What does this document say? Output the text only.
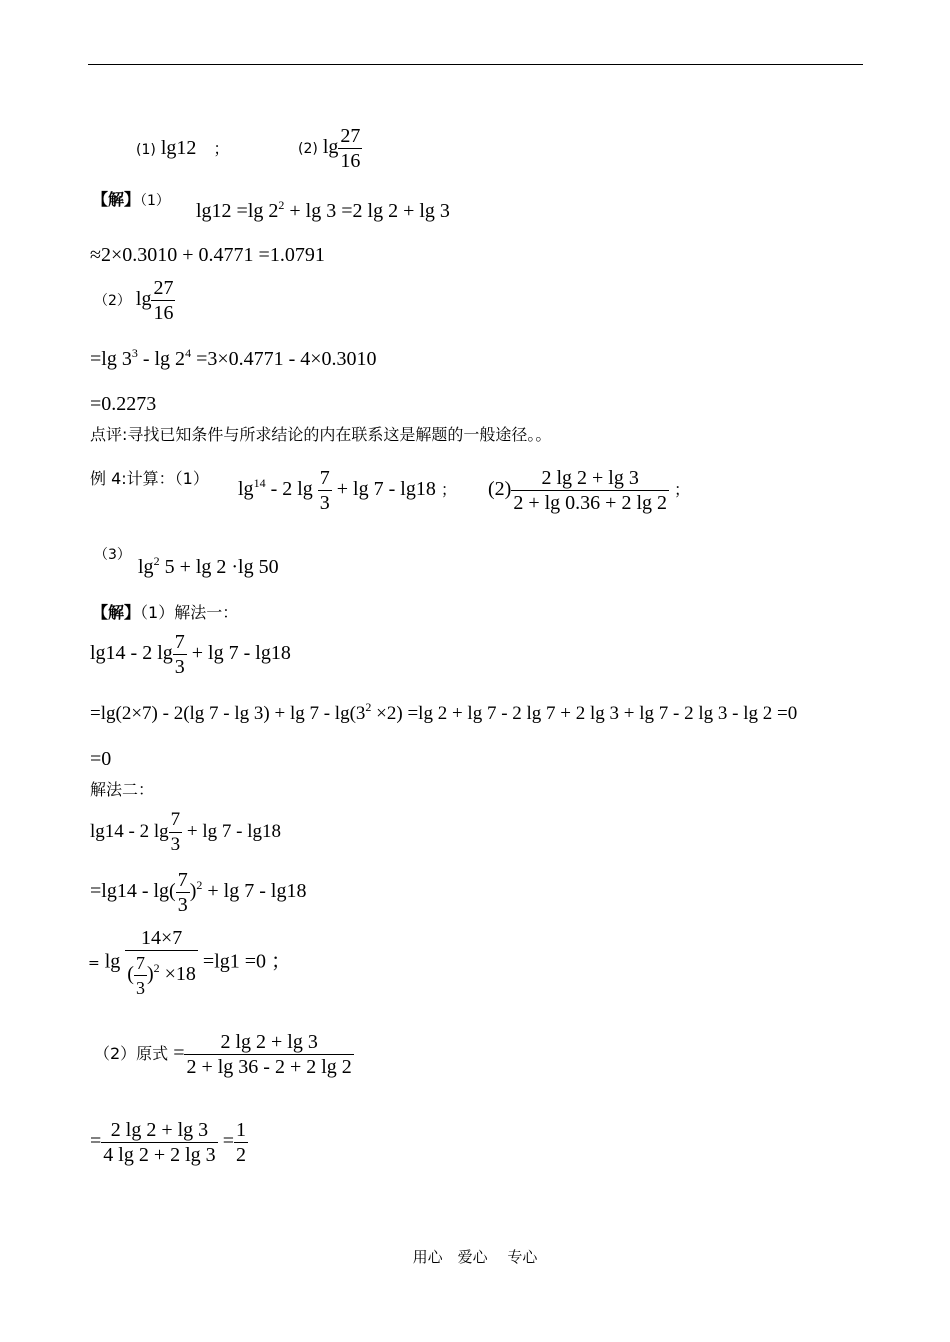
(1) lg12 ；	(2) $\lg \frac{27}{16}$
【解】（1） lg12 =lg $2^2 + \lg 3 =2$ lg 2 + lg 3
≈2×0.3010 + 0.4771 =1.0791
（2） $\lg \frac{27}{16}$
=lg $3^3 - \lg 2^4 =3\times 0.4771 - 4\times 0.3010$
=0.2273
点评:寻找已知条件与所求结论的内在联系这是解题的一般途径。。
例 4:计算：（1） $\lg^{14} - 2$ $\lg \frac{7}{3} + \lg 7 - \lg 18$ ； $(2) \frac{2 \lg 2 + \lg 3}{2 + \lg 0.36 + 2 \lg 2}$ ；
（3）
$\lg^2 5 + \lg 2 \cdot\lg$ 50
【解】（1）解法一：
lg14 - 2 $\lg \frac{7}{3} + \lg 7 - \lg 18$
=lg(2×7) - 2(lg $7 - \lg 3) + \lg 7 - \lg(3^2 \times 2) =\lg$ 2 + lg 7 - 2 lg 7 + 2 lg 3 + lg 7 - 2 lg 3 - lg 2 =0
=0
解法二：
lg14 - 2 $\lg \frac{7}{3} + \lg 7 - \lg 18$
$=\lg 14 - \lg( \frac{7}{3} )^2 + \lg 7 - \lg 18$
= $\lg \frac{14\times 7}{( \frac{7}{3} )^2 \times 18} =\lg 1 =0$ ；
（2）原式 = $\frac{2 \lg 2 + \lg 3}{2 + \lg 36 - 2 + 2 \lg 2}$
= $\frac{2 \lg 2 + \lg 3}{4 \lg 2 + 2 \lg 3} = \frac{1}{2}$
用心　爱心　 专心
